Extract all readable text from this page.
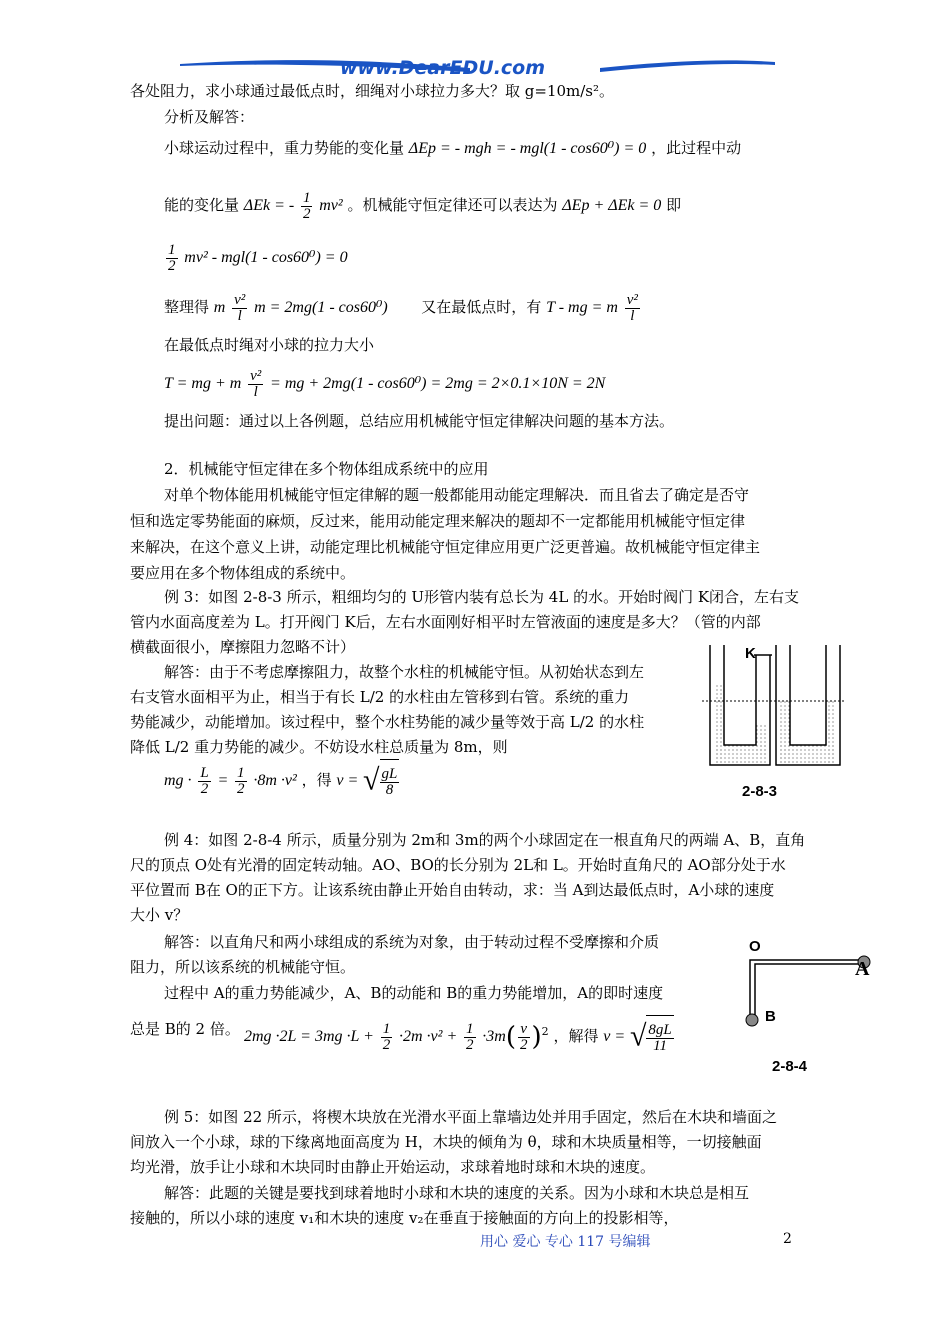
www.DearEDU.com
各处阻力，求小球通过最低点时，细绳对小球拉力多大？取 g=10m/s²。
分析及解答：
小球运动过程中，重力势能的变化量 ΔEp = - mgh = - mgl(1 - cos60⁰) = 0 ，此过程中动
能的变化量 ΔEk = - $\frac{1}{2} mv^2$ 。机械能守恒定律还可以表达为 ΔEp + ΔEk = 0 即
$\frac{1}{2} mv^2 - mgl(1 - \cos 60^0) = 0$
整理得 m $\frac{\text{v²}}{l}$ m = 2mg(1 - cos60⁰) 又在最低点时，有 T - mg = m $\frac{\text{v²}}{l}$
在最低点时绳对小球的拉力大小
T = mg + m $\frac{\text{v²}}{l}$ = mg + 2mg(1 - cos60⁰) = 2mg = 2×0.1×10N = 2N
提出问题：通过以上各例题，总结应用机械能守恒定律解决问题的基本方法。
2．机械能守恒定律在多个物体组成系统中的应用
对单个物体能用机械能守恒定律解的题一般都能用动能定理解决．而且省去了确定是否守
恒和选定零势能面的麻烦，反过来，能用动能定理来解决的题却不一定都能用机械能守恒定律
来解决，在这个意义上讲，动能定理比机械能守恒定律应用更广泛更普遍。故机械能守恒定律主
要应用在多个物体组成的系统中。
例 3：如图 2-8-3 所示，粗细均匀的 U形管内装有总长为 4L 的水。开始时阀门 K闭合，左右支
管内水面高度差为 L。打开阀门 K后，左右水面刚好相平时左管液面的速度是多大？（管的内部
横截面很小，摩擦阻力忽略不计）
解答：由于不考虑摩擦阻力，故整个水柱的机械能守恒。从初始状态到左
右支管水面相平为止，相当于有长 L/2 的水柱由左管移到右管。系统的重力
势能减少，动能增加。该过程中，整个水柱势能的减少量等效于高 L/2 的水柱
降低 L/2 重力势能的减少。不妨设水柱总质量为 8m，则
mg · $\frac{L}{2} = \frac{1}{2} \cdot 8m \cdot v^2$ ，得 v = √ $\frac{gL}{8}$
K
2-8-3
例 4：如图 2-8-4 所示，质量分别为 2m和 3m的两个小球固定在一根直角尺的两端 A、B，直角
尺的顶点 O处有光滑的固定转动轴。AO、BO的长分别为 2L和 L。开始时直角尺的 AO部分处于水
平位置而 B在 O的正下方。让该系统由静止开始自由转动，求：当 A到达最低点时，A小球的速度
大小 v？
解答：以直角尺和两小球组成的系统为对象，由于转动过程不受摩擦和介质
阻力，所以该系统的机械能守恒。
过程中 A的重力势能减少，A、B的动能和 B的重力势能增加，A的即时速度
总是 B的 2 倍。 $2mg \cdot 2L = 3mg \cdot L + \frac{1}{2} \cdot 2m \cdot v^2 + \frac{1}{2} \cdot 3m( \frac{v}{2} )^2$ ，解得 v = √ $\frac{8gL}{11}$
O
A
B
2-8-4
例 5：如图 22 所示，将楔木块放在光滑水平面上靠墙边处并用手固定，然后在木块和墙面之
间放入一个小球，球的下缘离地面高度为 H，木块的倾角为 θ，球和木块质量相等，一切接触面
均光滑，放手让小球和木块同时由静止开始运动，求球着地时球和木块的速度。
解答：此题的关键是要找到球着地时小球和木块的速度的关系。因为小球和木块总是相互
接触的，所以小球的速度 v₁和木块的速度 v₂在垂直于接触面的方向上的投影相等，
用心 爱心 专心 117 号编辑	2
